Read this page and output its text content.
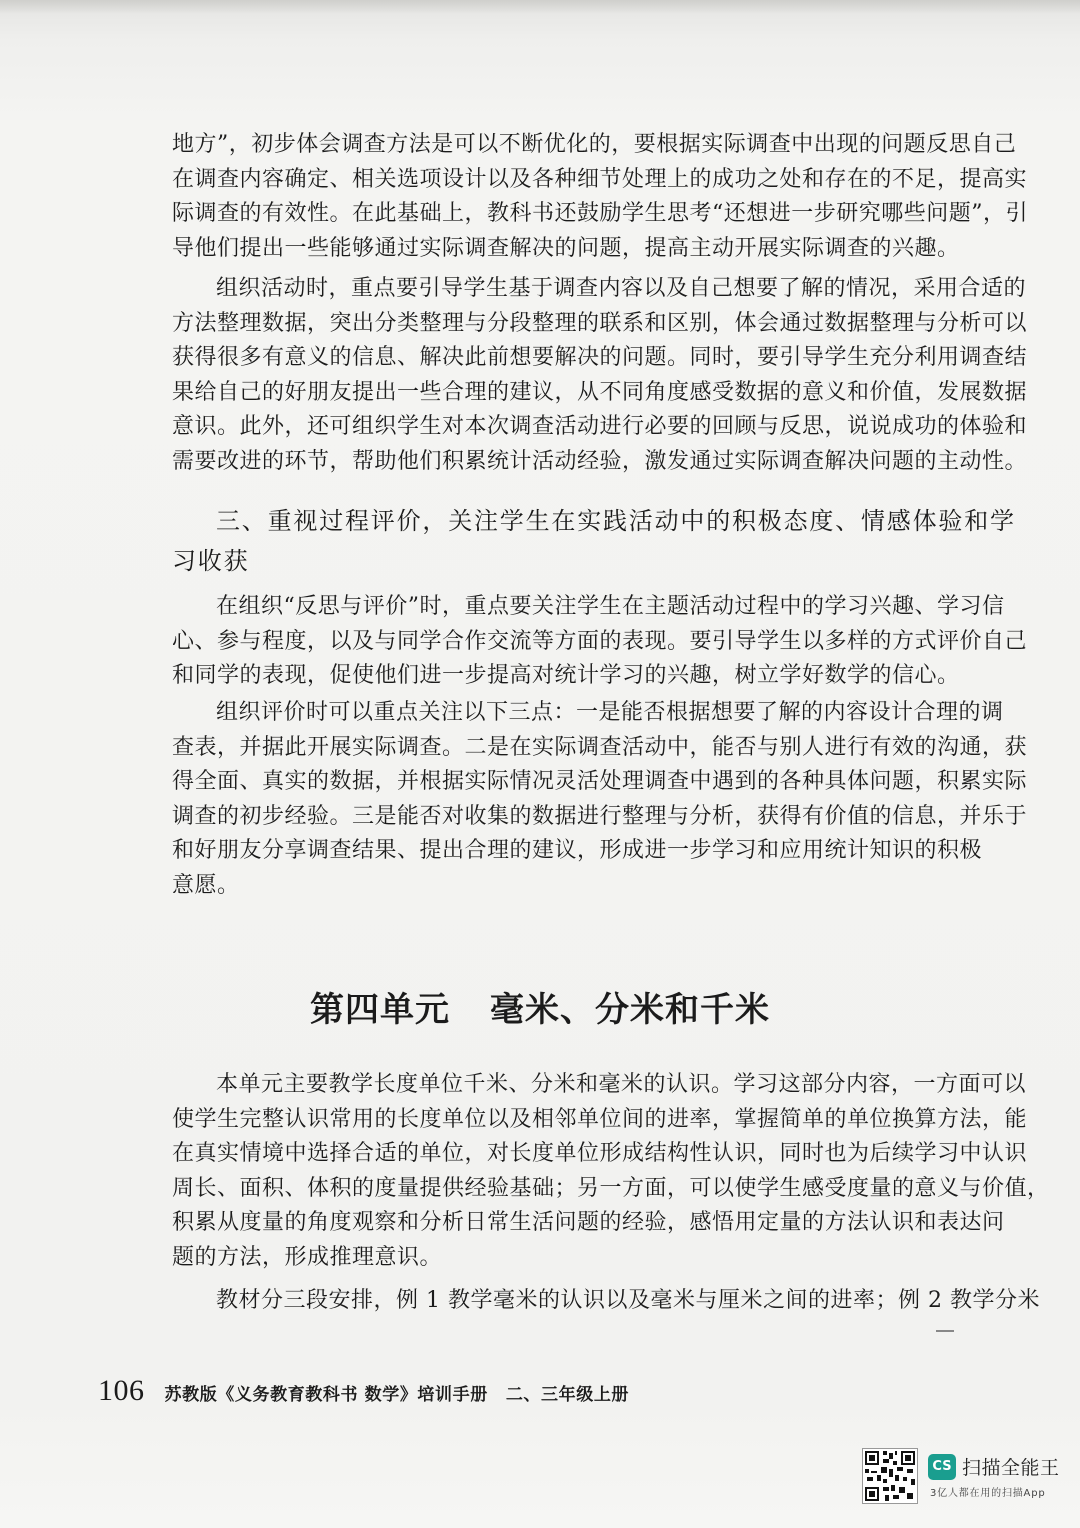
地方”，初步体会调查方法是可以不断优化的，要根据实际调查中出现的问题反思自己
在调查内容确定、相关选项设计以及各种细节处理上的成功之处和存在的不足，提高实
际调查的有效性。在此基础上，教科书还鼓励学生思考“还想进一步研究哪些问题”，引
导他们提出一些能够通过实际调查解决的问题，提高主动开展实际调查的兴趣。
组织活动时，重点要引导学生基于调查内容以及自己想要了解的情况，采用合适的
方法整理数据，突出分类整理与分段整理的联系和区别，体会通过数据整理与分析可以
获得很多有意义的信息、解决此前想要解决的问题。同时，要引导学生充分利用调查结
果给自己的好朋友提出一些合理的建议，从不同角度感受数据的意义和价值，发展数据
意识。此外，还可组织学生对本次调查活动进行必要的回顾与反思，说说成功的体验和
需要改进的环节，帮助他们积累统计活动经验，激发通过实际调查解决问题的主动性。
三、重视过程评价，关注学生在实践活动中的积极态度、情感体验和学
习收获
在组织“反思与评价”时，重点要关注学生在主题活动过程中的学习兴趣、学习信
心、参与程度，以及与同学合作交流等方面的表现。要引导学生以多样的方式评价自己
和同学的表现，促使他们进一步提高对统计学习的兴趣，树立学好数学的信心。
组织评价时可以重点关注以下三点：一是能否根据想要了解的内容设计合理的调
查表，并据此开展实际调查。二是在实际调查活动中，能否与别人进行有效的沟通，获
得全面、真实的数据，并根据实际情况灵活处理调查中遇到的各种具体问题，积累实际
调查的初步经验。三是能否对收集的数据进行整理与分析，获得有价值的信息，并乐于
和好朋友分享调查结果、提出合理的建议，形成进一步学习和应用统计知识的积极
意愿。
第四单元 毫米、分米和千米
本单元主要教学长度单位千米、分米和毫米的认识。学习这部分内容，一方面可以
使学生完整认识常用的长度单位以及相邻单位间的进率，掌握简单的单位换算方法，能
在真实情境中选择合适的单位，对长度单位形成结构性认识，同时也为后续学习中认识
周长、面积、体积的度量提供经验基础；另一方面，可以使学生感受度量的意义与价值，
积累从度量的角度观察和分析日常生活问题的经验，感悟用定量的方法认识和表达问
题的方法，形成推理意识。
教材分三段安排，例 1 教学毫米的认识以及毫米与厘米之间的进率；例 2 教学分米
106 苏教版《义务教育教科书 数学》培训手册 二、三年级上册
CS 扫描全能王
3亿人都在用的扫描App
